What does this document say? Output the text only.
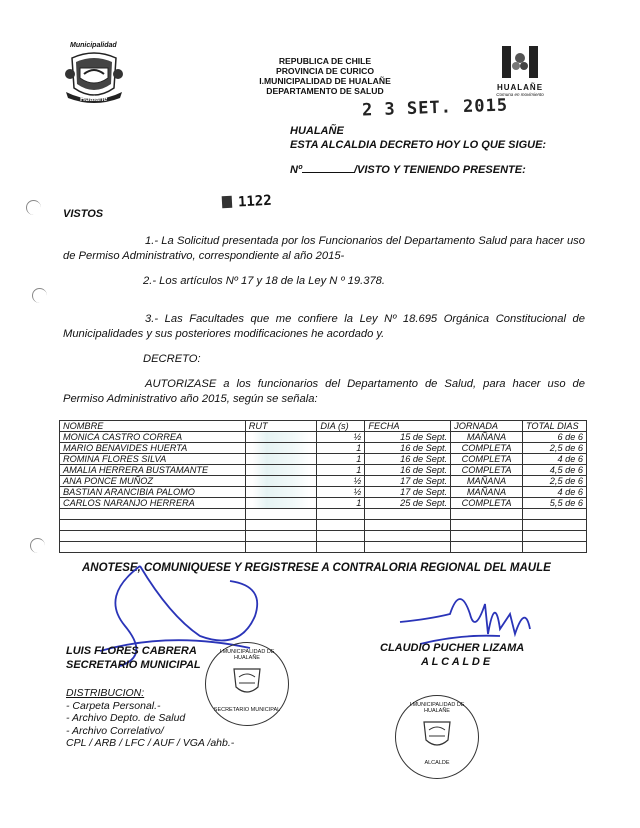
Municipalidad
Hualañe
REPUBLICA DE CHILE
PROVINCIA DE CURICO
I.MUNICIPALIDAD DE HUALAÑE
DEPARTAMENTO DE SALUD	HUALAÑE
Comuna en movimiento
2 3 SET. 2015
HUALAÑE
ESTA ALCALDIA DECRETO HOY LO QUE SIGUE:
Nº	/VISTO Y TENIENDO PRESENTE:
1122
VISTOS
1.- La Solicitud presentada por los Funcionarios del Departamento Salud para hacer uso de Permiso Administrativo, correspondiente al año 2015-
2.- Los artículos Nº 17 y 18 de la Ley N º 19.378.
3.- Las Facultades que me confiere la Ley Nº 18.695 Orgánica Constitucional de Municipalidades y sus posteriores modificaciones he acordado y.
DECRETO:
AUTORIZASE a los funcionarios del Departamento de Salud, para hacer uso de Permiso Administrativo año 2015, según se señala:
NOMBRE	RUT	DIA (s)	FECHA	JORNADA	TOTAL DIAS
MONICA CASTRO CORREA		½	15 de Sept.	MAÑANA	6 de 6
MARIO BENAVIDES HUERTA		1	16 de Sept.	COMPLETA	2,5 de 6
ROMINA FLORES SILVA		1	16 de Sept.	COMPLETA	4 de 6
AMALIA HERRERA BUSTAMANTE		1	16 de Sept.	COMPLETA	4,5 de 6
ANA PONCE MUÑOZ		½	17 de Sept.	MAÑANA	2,5 de 6
BASTIAN ARANCIBIA PALOMO		½	17 de Sept.	MAÑANA	4 de 6
CARLOS NARANJO HERRERA		1	25 de Sept.	COMPLETA	5,5 de 6

ANOTESE, COMUNIQUESE Y REGISTRESE A CONTRALORIA REGIONAL DEL MAULE
LUIS FLORES CABRERA
SECRETARIO MUNICIPAL
CLAUDIO PUCHER LIZAMA
A L C A L D E
I.MUNICIPALIDAD DE HUALAÑE
SECRETARIO MUNICIPAL
I.MUNICIPALIDAD DE HUALAÑE
ALCALDE
DISTRIBUCION:
- Carpeta Personal.-
- Archivo Depto. de Salud
- Archivo Correlativo/
CPL / ARB / LFC / AUF / VGA /ahb.-
